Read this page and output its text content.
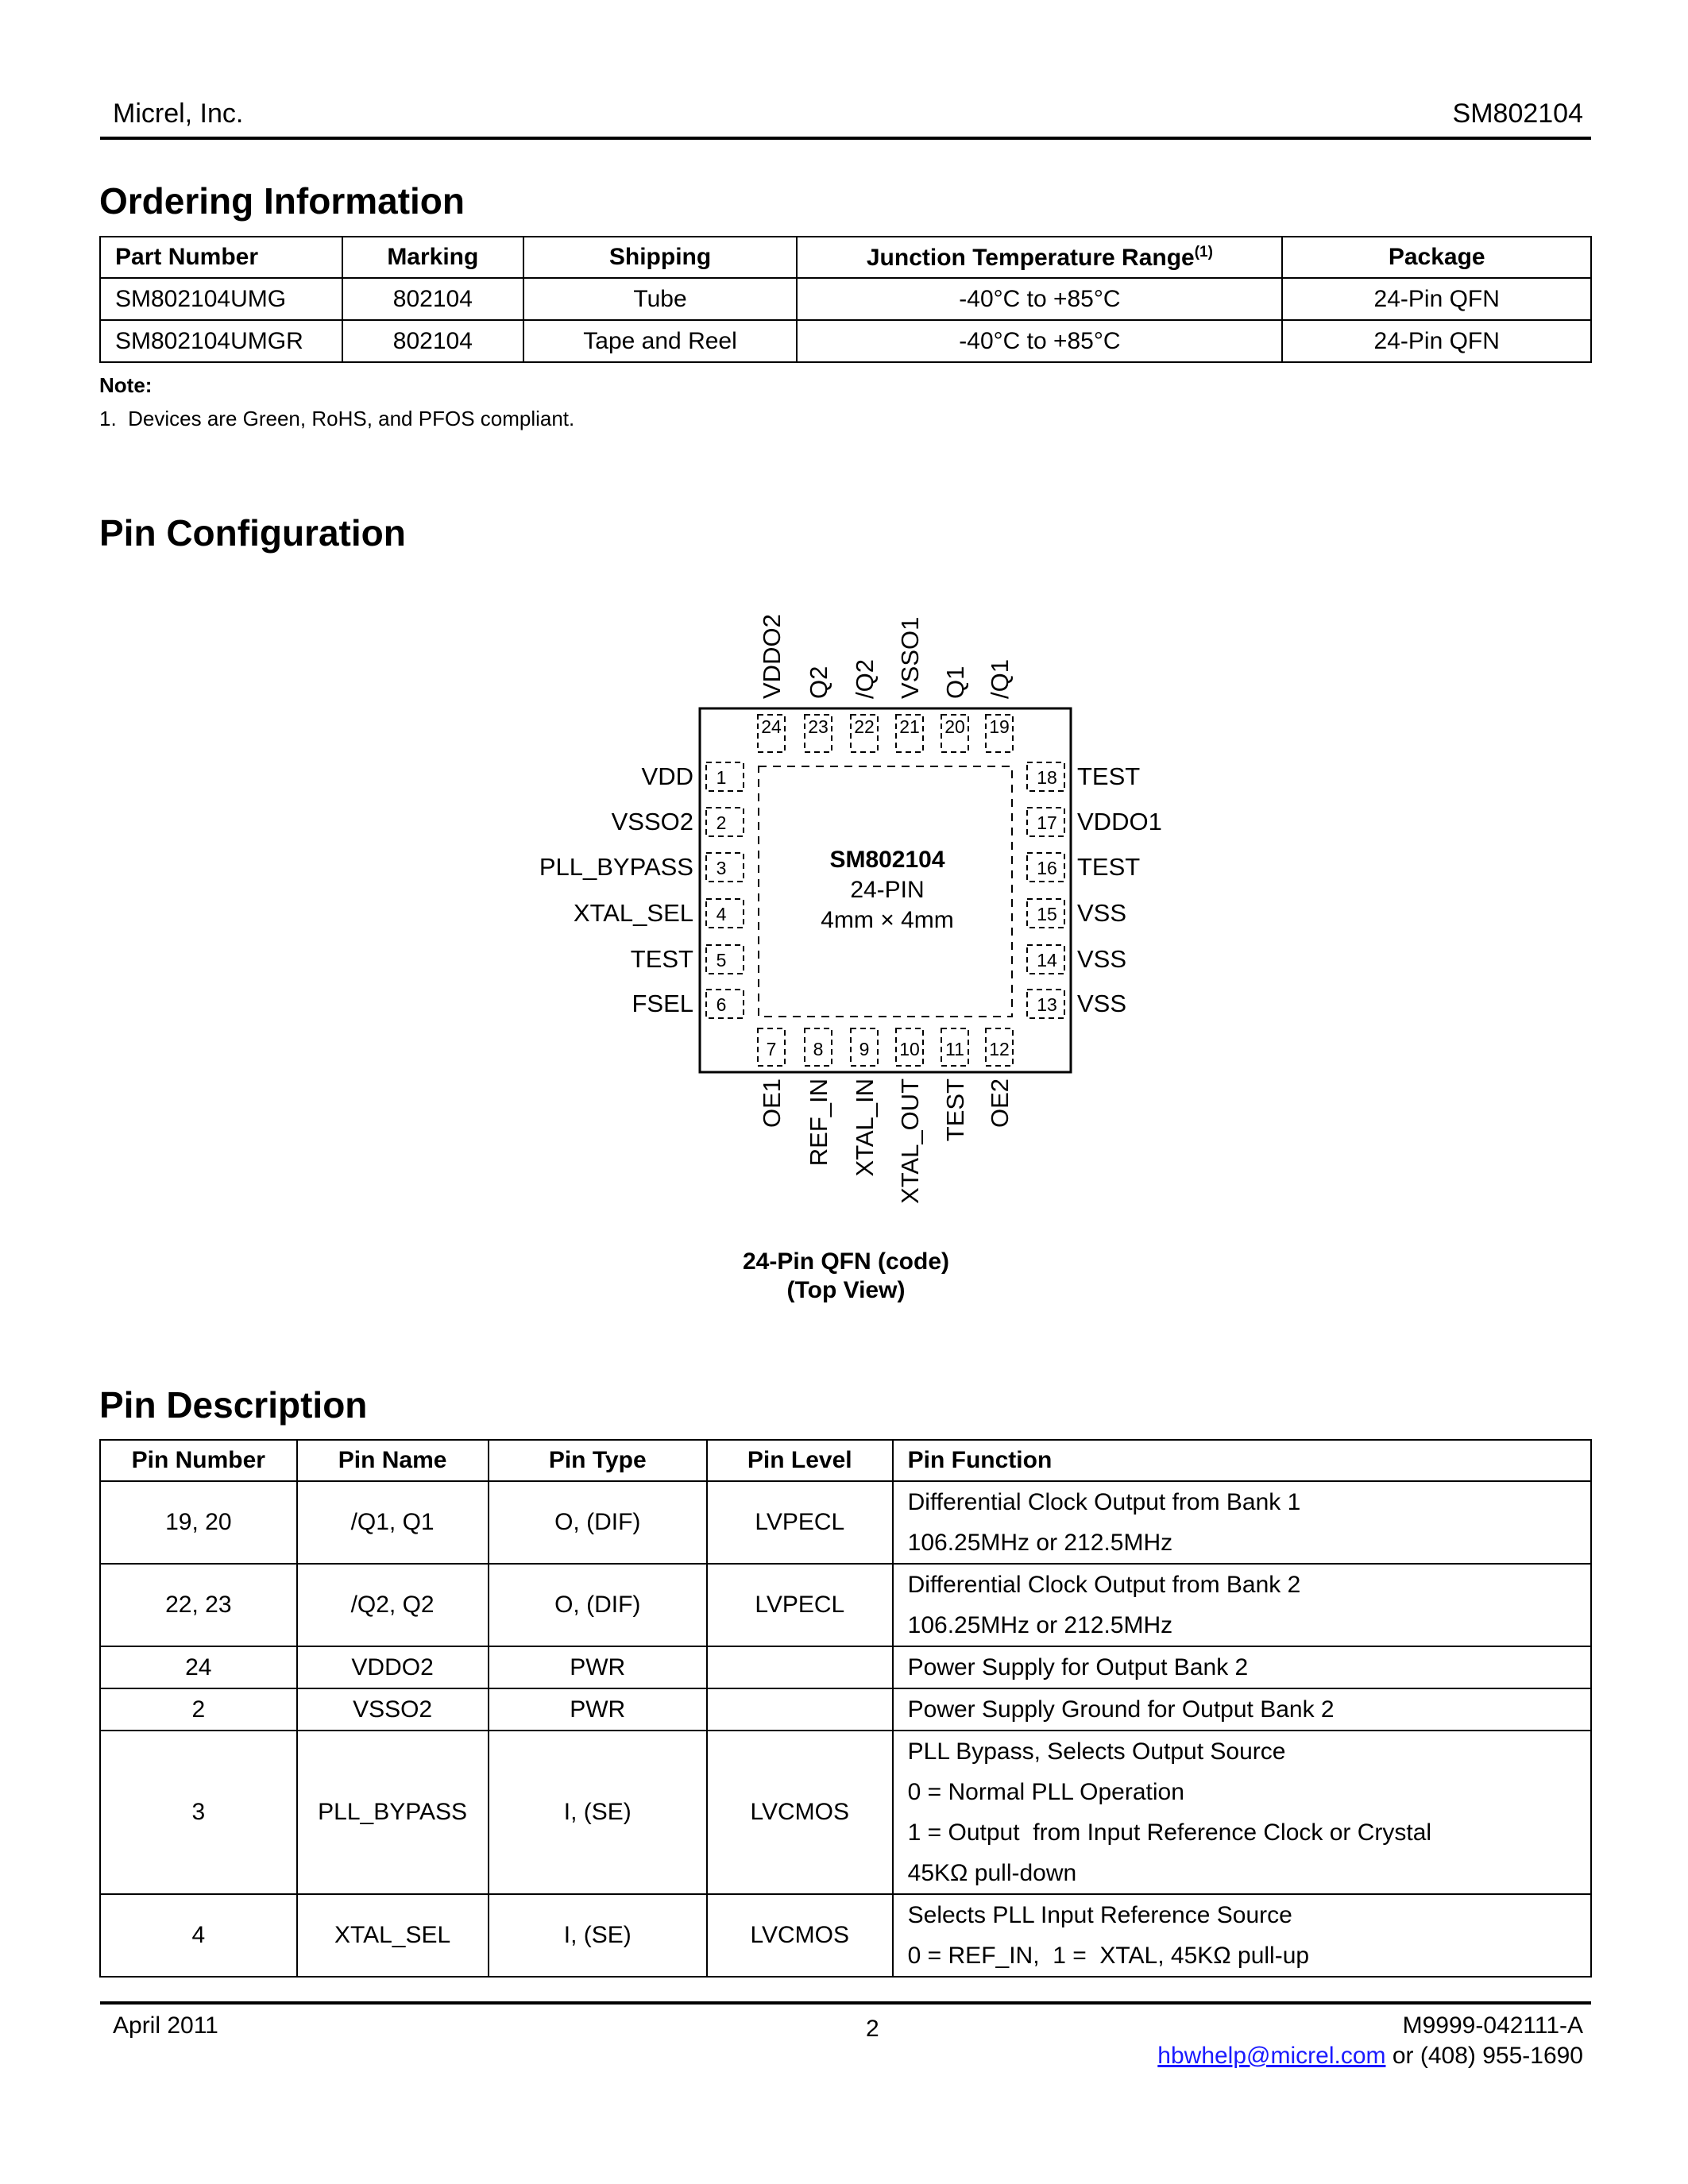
Micrel, Inc.	SM802104
Ordering Information
Part Number	Marking	Shipping	Junction Temperature Range$^{(1)}$	Package
SM802104UMG	802104	Tube	-40°C to +85°C	24-Pin QFN
SM802104UMGR	802104	Tape and Reel	-40°C to +85°C	24-Pin QFN
Note:
1.  Devices are Green, RoHS, and PFOS compliant.
Pin Configuration
1
VDD
2
VSSO2
3
PLL_BYPASS
4
XTAL_SEL
5
TEST
6
FSEL
18 TEST
17 VDDO1
16 TEST
15 VSS
14 VSS
13 VSS
24
VDDO2
23
Q2
22
/Q2
21
VSSO1
20
Q1
19
/Q1
7
OE1
8
REF_IN
9
XTAL_IN
10
XTAL_OUT
11
TEST
12
OE2
SM802104
24-PIN
4mm × 4mm
24-Pin QFN (code)
(Top View)
Pin Description
Pin Number	Pin Name	Pin Type	Pin Level	Pin Function
19, 20	/Q1, Q1	O, (DIF)	LVPECL	Differential Clock Output from Bank 1
106.25MHz or 212.5MHz

22, 23	/Q2, Q2	O, (DIF)	LVPECL	Differential Clock Output from Bank 2
106.25MHz or 212.5MHz

24	VDDO2	PWR		Power Supply for Output Bank 2

2	VSSO2	PWR		Power Supply Ground for Output Bank 2

3	PLL_BYPASS	I, (SE)	LVCMOS	PLL Bypass, Selects Output Source
0 = Normal PLL Operation
1 = Output  from Input Reference Clock or Crystal
45KΩ pull-down

4	XTAL_SEL	I, (SE)	LVCMOS	Selects PLL Input Reference Source
0 = REF_IN,  1 =  XTAL, 45KΩ pull-up
April 2011	2	M9999-042111-A
hbwhelp@micrel.com or (408) 955-1690
